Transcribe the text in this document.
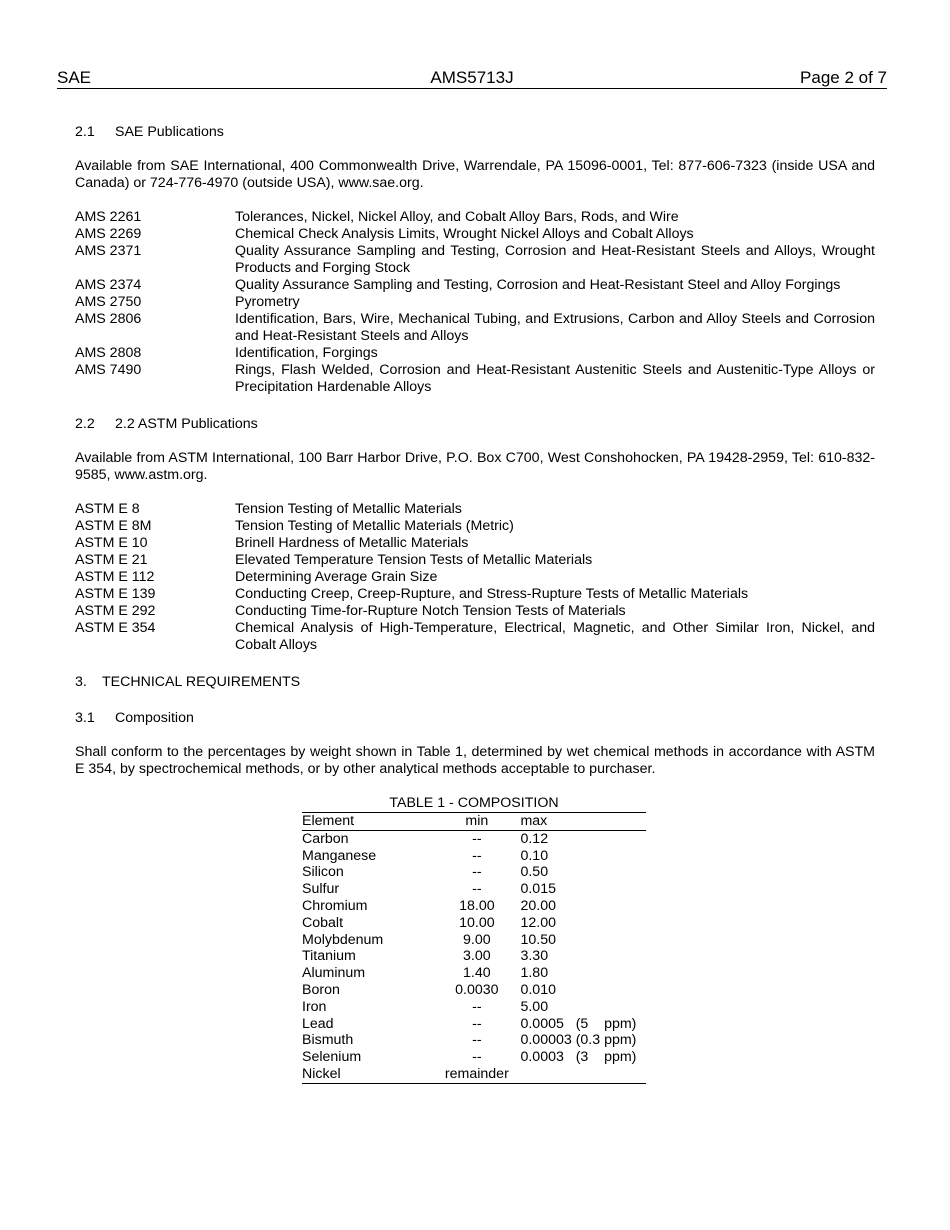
SAE	AMS5713J	Page 2 of 7
2.1 SAE Publications

Available from SAE International, 400 Commonwealth Drive, Warrendale, PA 15096-0001, Tel: 877-606-7323 (inside USA and Canada) or 724-776-4970 (outside USA), www.sae.org.

AMS 2261	Tolerances, Nickel, Nickel Alloy, and Cobalt Alloy Bars, Rods, and Wire
AMS 2269	Chemical Check Analysis Limits, Wrought Nickel Alloys and Cobalt Alloys
AMS 2371	Quality Assurance Sampling and Testing, Corrosion and Heat-Resistant Steels and Alloys, Wrought Products and Forging Stock
AMS 2374	Quality Assurance Sampling and Testing, Corrosion and Heat-Resistant Steel and Alloy Forgings
AMS 2750	Pyrometry
AMS 2806	Identification, Bars, Wire, Mechanical Tubing, and Extrusions, Carbon and Alloy Steels and Corrosion and Heat-Resistant Steels and Alloys
AMS 2808	Identification, Forgings
AMS 7490	Rings, Flash Welded, Corrosion and Heat-Resistant Austenitic Steels and Austenitic-Type Alloys or Precipitation Hardenable Alloys
2.2 2.2 ASTM Publications

Available from ASTM International, 100 Barr Harbor Drive, P.O. Box C700, West Conshohocken, PA 19428-2959, Tel: 610-832-9585, www.astm.org.

ASTM E 8	Tension Testing of Metallic Materials
ASTM E 8M	Tension Testing of Metallic Materials (Metric)
ASTM E 10	Brinell Hardness of Metallic Materials
ASTM E 21	Elevated Temperature Tension Tests of Metallic Materials
ASTM E 112	Determining Average Grain Size
ASTM E 139	Conducting Creep, Creep-Rupture, and Stress-Rupture Tests of Metallic Materials
ASTM E 292	Conducting Time-for-Rupture Notch Tension Tests of Materials
ASTM E 354	Chemical Analysis of High-Temperature, Electrical, Magnetic, and Other Similar Iron, Nickel, and Cobalt Alloys
3. TECHNICAL REQUIREMENTS
3.1 Composition

Shall conform to the percentages by weight shown in Table 1, determined by wet chemical methods in accordance with ASTM E 354, by spectrochemical methods, or by other analytical methods acceptable to purchaser.

TABLE 1 - COMPOSITION
Element	min	max
Carbon	--	0.12
Manganese	--	0.10
Silicon	--	0.50
Sulfur	--	0.015
Chromium	18.00	20.00
Cobalt	10.00	12.00
Molybdenum	9.00	10.50
Titanium	3.00	3.30
Aluminum	1.40	1.80
Boron	0.0030	0.010
Iron	--	5.00
Lead	--	0.0005   (5    ppm)
Bismuth	--	0.00003 (0.3 ppm)
Selenium	--	0.0003   (3    ppm)
Nickel	remainder	
